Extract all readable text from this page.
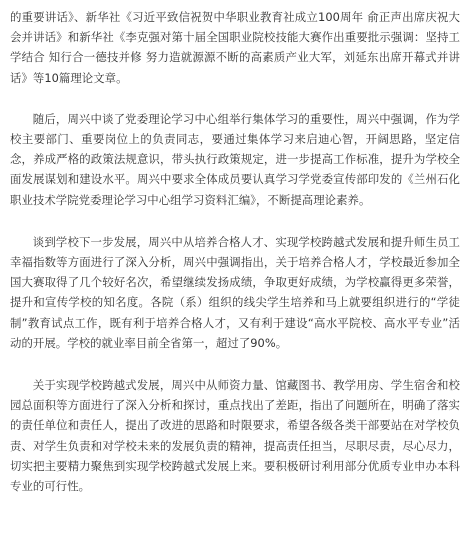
的重要讲话》、新华社《习近平致信祝贺中华职业教育社成立100周年 俞正声出席庆祝大会并讲话》和新华社《李克强对第十届全国职业院校技能大赛作出重要批示强调：坚持工学结合 知行合一德技并修 努力造就源源不断的高素质产业大军，刘延东出席开幕式并讲话》等10篇理论文章。

随后，周兴中谈了党委理论学习中心组举行集体学习的重要性，周兴中强调，作为学校主要部门、重要岗位上的负责同志，要通过集体学习来启迪心智，开阔思路，坚定信念，养成严格的政策法规意识，带头执行政策规定，进一步提高工作标准，提升为学校全面发展谋划和建设水平。周兴中要求全体成员要认真学习学党委宣传部印发的《兰州石化职业技术学院党委理论学习中心组学习资料汇编》，不断提高理论素养。

谈到学校下一步发展，周兴中从培养合格人才、实现学校跨越式发展和提升师生员工幸福指数等方面进行了深入分析，周兴中强调指出，关于培养合格人才，学校最近参加全国大赛取得了几个较好名次，希望继续发扬成绩，争取更好成绩，为学校赢得更多荣誉，提升和宣传学校的知名度。各院（系）组织的线尖学生培养和马上就要组织进行的“学徒制”教育试点工作，既有利于培养合格人才，又有利于建设“高水平院校、高水平专业”活动的开展。学校的就业率目前全省第一，超过了90%。

关于实现学校跨越式发展，周兴中从师资力量、馆藏图书、教学用房、学生宿舍和校园总面积等方面进行了深入分析和探讨，重点找出了差距，指出了问题所在，明确了落实的责任单位和责任人，提出了改进的思路和时限要求，希望各级各类干部要站在对学校负责、对学生负责和对学校未来的发展负责的精神，提高责任担当，尽职尽责，尽心尽力，切实把主要精力聚焦到实现学校跨越式发展上来。要积极研讨利用部分优质专业申办本科专业的可行性。
